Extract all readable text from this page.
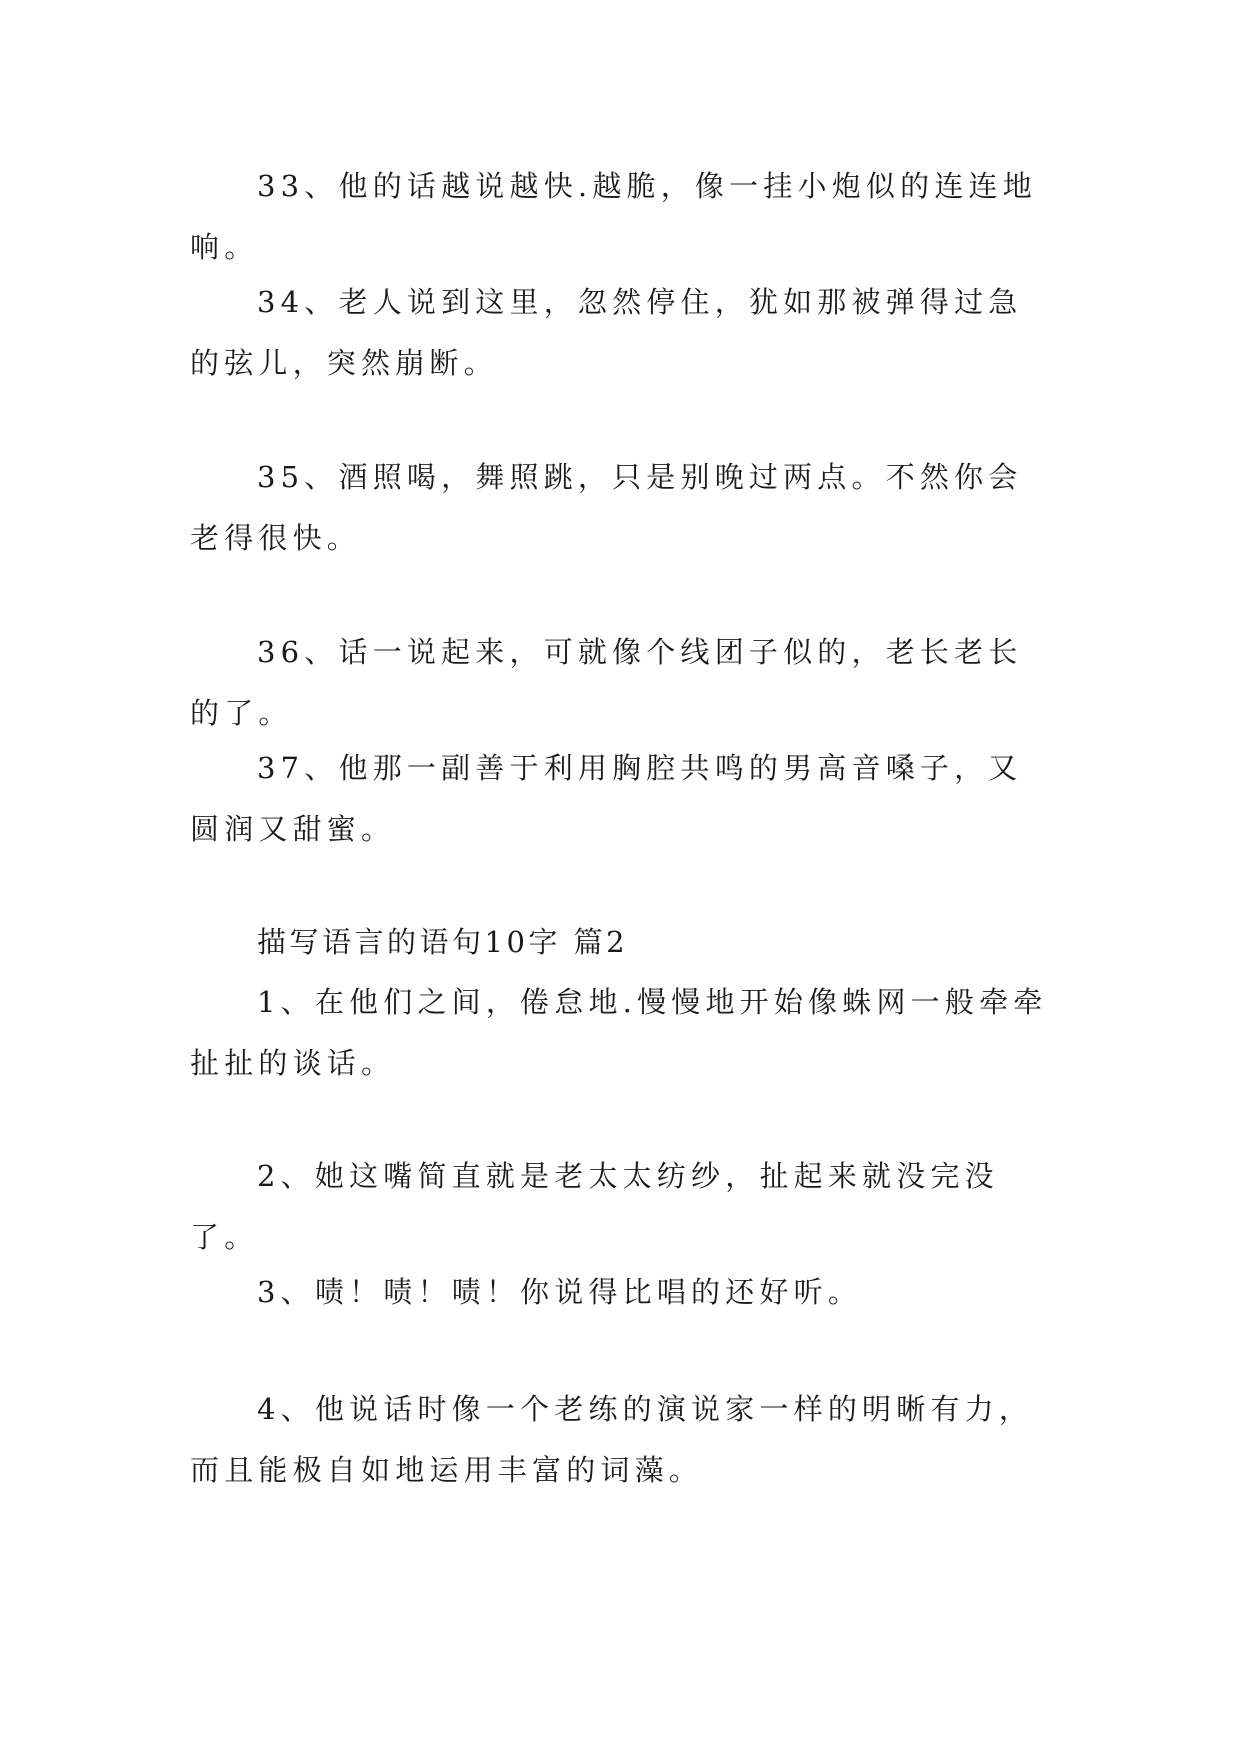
33、他的话越说越快.越脆，像一挂小炮似的连连地响。

34、老人说到这里，忽然停住，犹如那被弹得过急的弦儿，突然崩断。

35、酒照喝，舞照跳，只是别晚过两点。不然你会老得很快。

36、话一说起来，可就像个线团子似的，老长老长的了。

37、他那一副善于利用胸腔共鸣的男高音嗓子，又圆润又甜蜜。

描写语言的语句10字 篇2

1、在他们之间，倦怠地.慢慢地开始像蛛网一般牵牵扯扯的谈话。

2、她这嘴简直就是老太太纺纱，扯起来就没完没了。

3、啧！啧！啧！你说得比唱的还好听。

4、他说话时像一个老练的演说家一样的明晰有力，而且能极自如地运用丰富的词藻。
